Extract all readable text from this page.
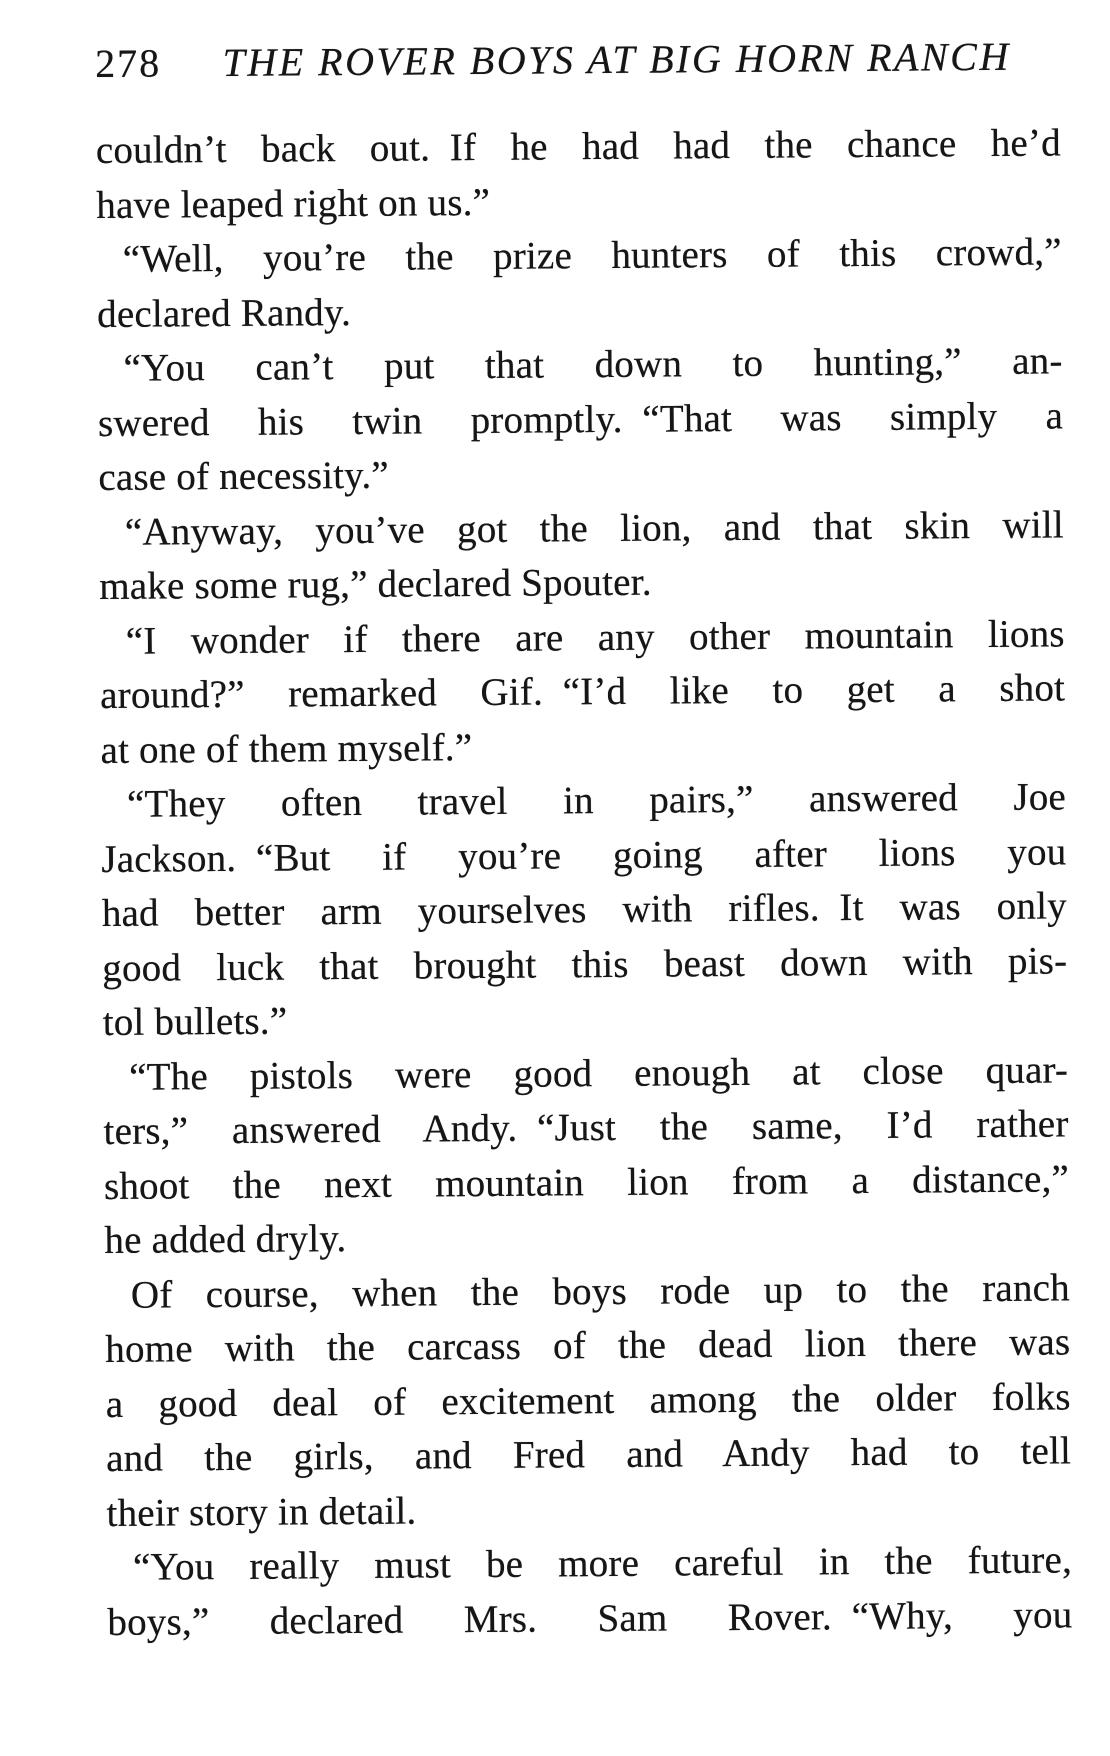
278	THE ROVER BOYS AT BIG HORN RANCH
couldn’t back out. If he had had the chance he’d
have leaped right on us.”
“Well, you’re the prize hunters of this crowd,”
declared Randy.
“You can’t put that down to hunting,” an-
swered his twin promptly. “That was simply a
case of necessity.”
“Anyway, you’ve got the lion, and that skin will
make some rug,” declared Spouter.
“I wonder if there are any other mountain lions
around?” remarked Gif. “I’d like to get a shot
at one of them myself.”
“They often travel in pairs,” answered Joe
Jackson. “But if you’re going after lions you
had better arm yourselves with rifles. It was only
good luck that brought this beast down with pis-
tol bullets.”
“The pistols were good enough at close quar-
ters,” answered Andy. “Just the same, I’d rather
shoot the next mountain lion from a distance,”
he added dryly.
Of course, when the boys rode up to the ranch
home with the carcass of the dead lion there was
a good deal of excitement among the older folks
and the girls, and Fred and Andy had to tell
their story in detail.
“You really must be more careful in the future,
boys,” declared Mrs. Sam Rover. “Why, you
